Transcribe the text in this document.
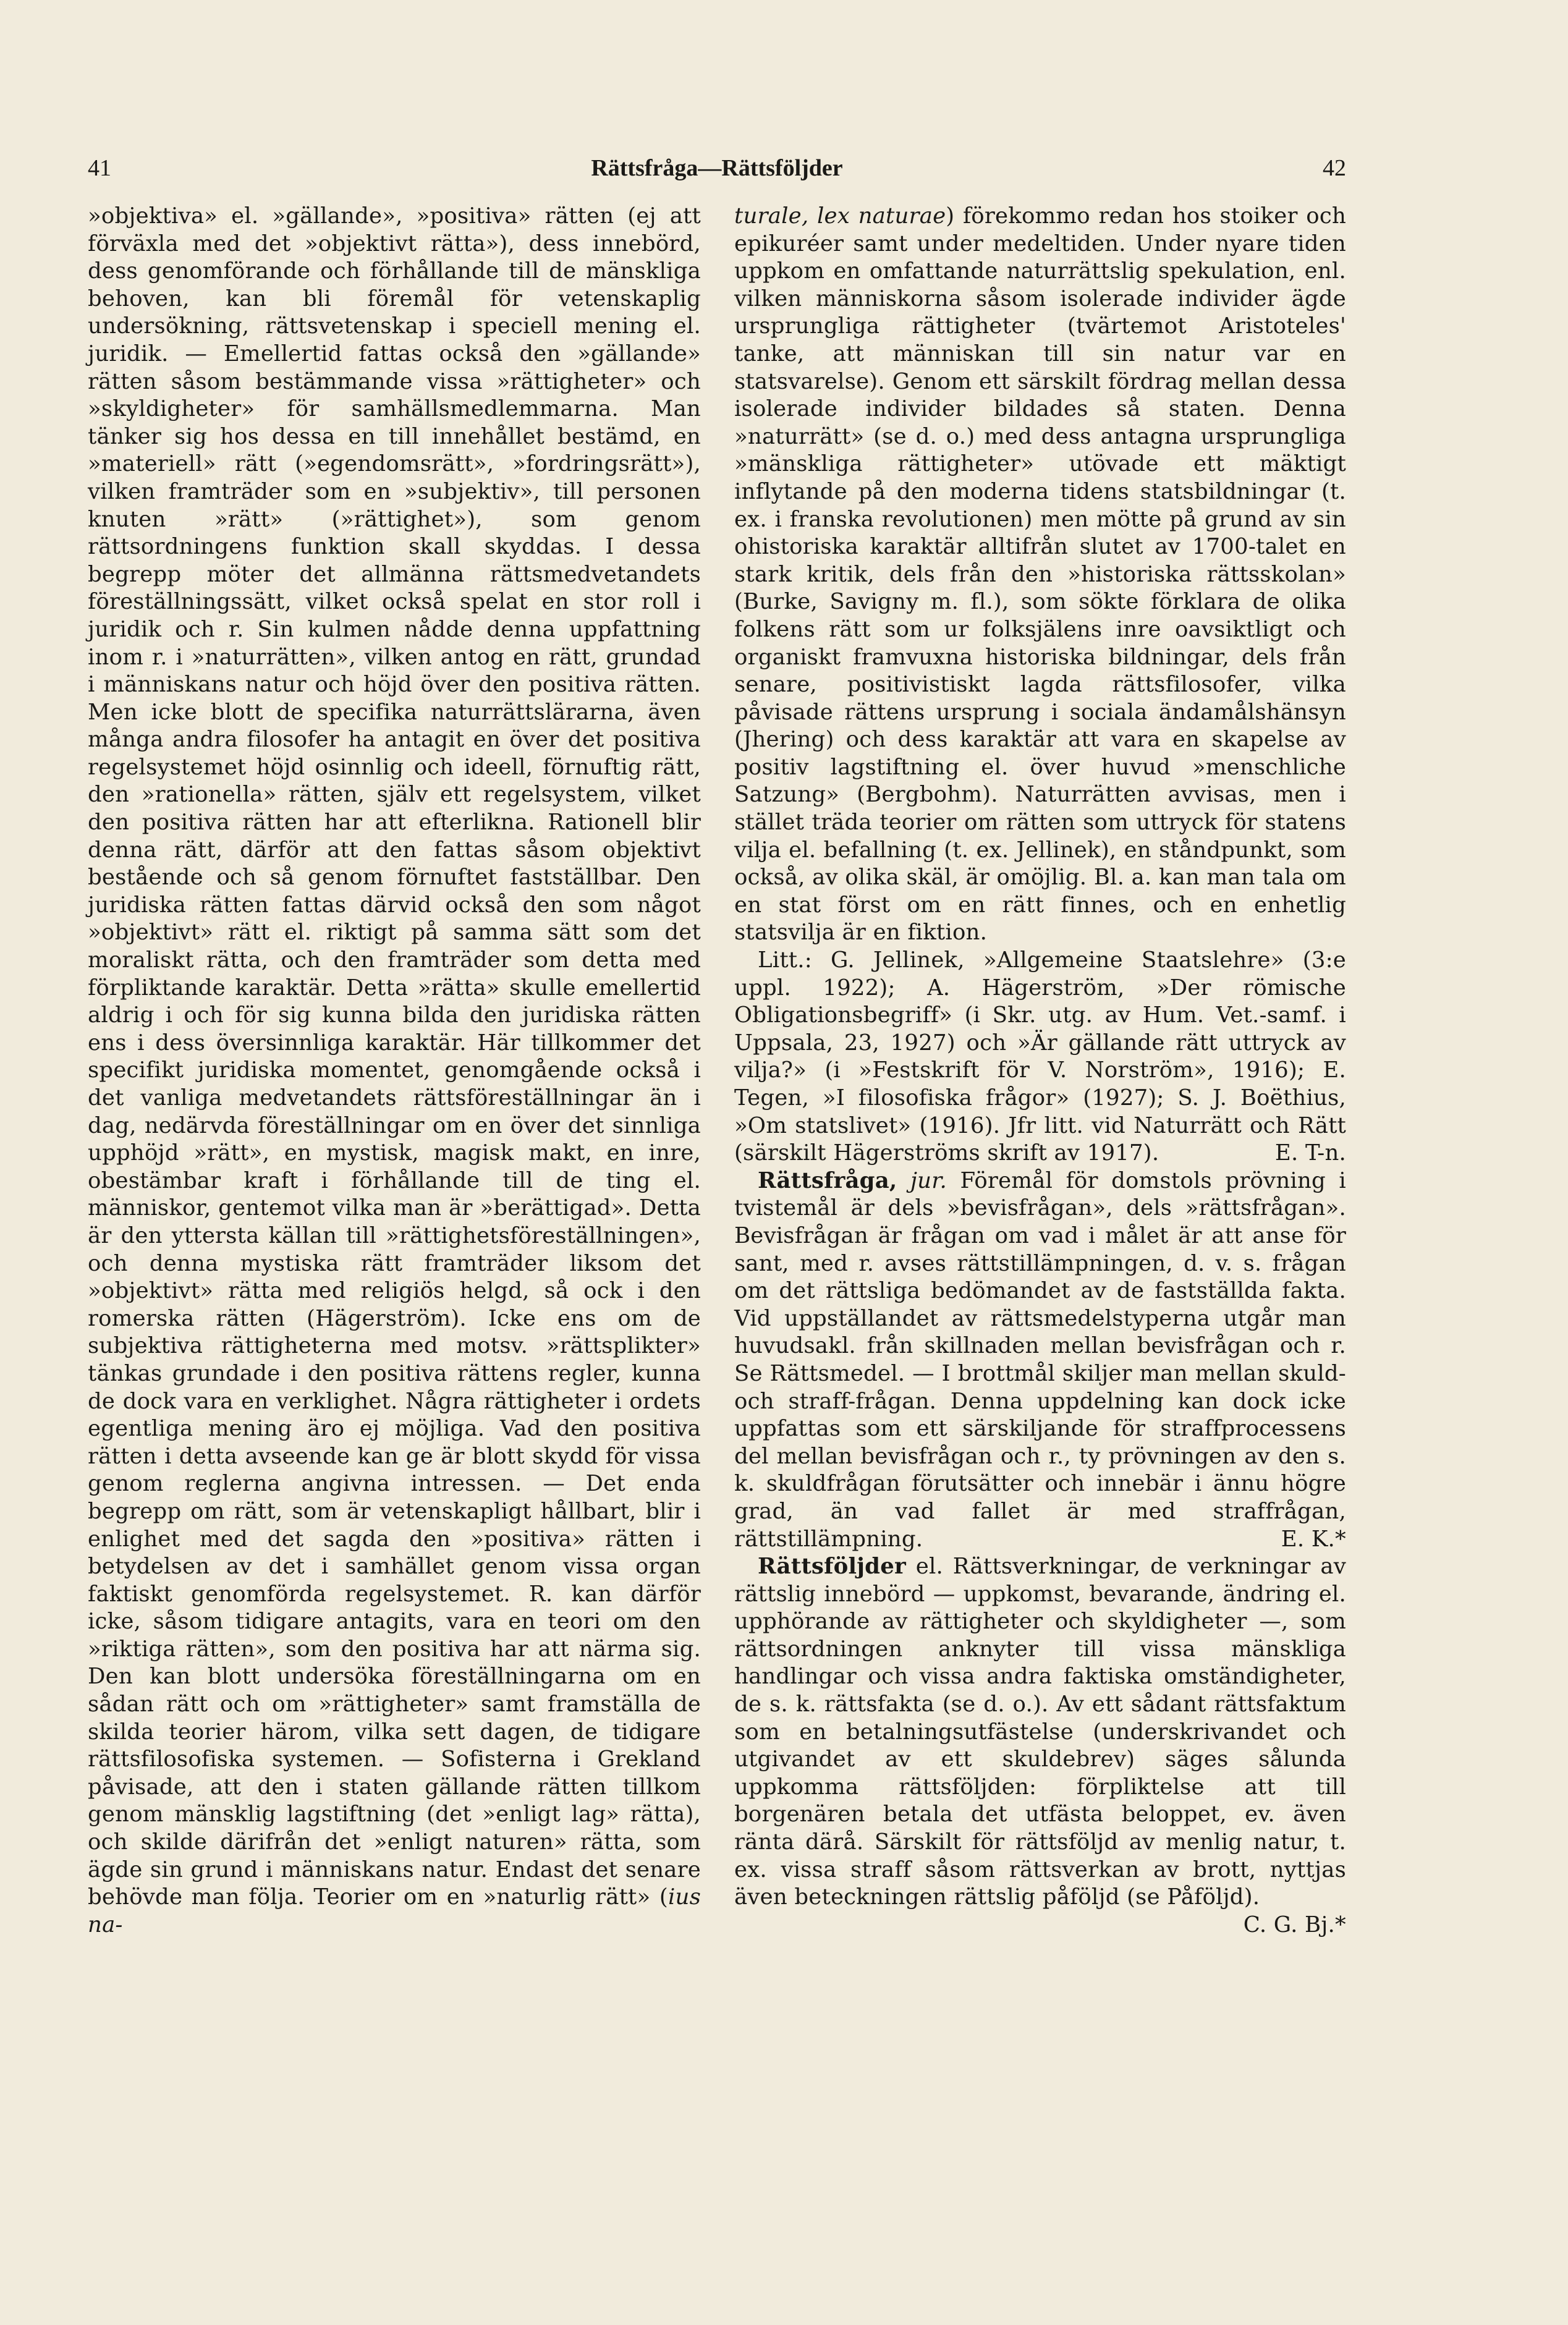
41	Rättsfråga—Rättsföljder	42

»objektiva» el. »gällande», »positiva» rätten (ej att förväxla med det »objektivt rätta»), dess innebörd, dess genomförande och förhållande till de mänskliga behoven, kan bli föremål för vetenskaplig undersökning, rättsvetenskap i speciell mening el. juridik. — Emellertid fattas också den »gällande» rätten såsom bestämmande vissa »rättigheter» och »skyldigheter» för samhällsmedlemmarna. Man tänker sig hos dessa en till innehållet bestämd, en »materiell» rätt (»egendomsrätt», »fordringsrätt»), vilken framträder som en »subjektiv», till personen knuten »rätt» (»rättighet»), som genom rättsordningens funktion skall skyddas. I dessa begrepp möter det allmänna rättsmedvetandets föreställningssätt, vilket också spelat en stor roll i juridik och r. Sin kulmen nådde denna uppfattning inom r. i »naturrätten», vilken antog en rätt, grundad i människans natur och höjd över den positiva rätten. Men icke blott de specifika naturrättslärarna, även många andra filosofer ha antagit en över det positiva regelsystemet höjd osinnlig och ideell, förnuftig rätt, den »rationella» rätten, själv ett regelsystem, vilket den positiva rätten har att efterlikna. Rationell blir denna rätt, därför att den fattas såsom objektivt bestående och så genom förnuftet fastställbar. Den juridiska rätten fattas därvid också den som något »objektivt» rätt el. riktigt på samma sätt som det moraliskt rätta, och den framträder som detta med förpliktande karaktär. Detta »rätta» skulle emellertid aldrig i och för sig kunna bilda den juridiska rätten ens i dess översinnliga karaktär. Här tillkommer det specifikt juridiska momentet, genomgående också i det vanliga medvetandets rättsföreställningar än i dag, nedärvda föreställningar om en över det sinnliga upphöjd »rätt», en mystisk, magisk makt, en inre, obestämbar kraft i förhållande till de ting el. människor, gentemot vilka man är »berättigad». Detta är den yttersta källan till »rättighetsföreställningen», och denna mystiska rätt framträder liksom det »objektivt» rätta med religiös helgd, så ock i den romerska rätten (Hägerström). Icke ens om de subjektiva rättigheterna med motsv. »rättsplikter» tänkas grundade i den positiva rättens regler, kunna de dock vara en verklighet. Några rättigheter i ordets egentliga mening äro ej möjliga. Vad den positiva rätten i detta avseende kan ge är blott skydd för vissa genom reglerna angivna intressen. — Det enda begrepp om rätt, som är vetenskapligt hållbart, blir i enlighet med det sagda den »positiva» rätten i betydelsen av det i samhället genom vissa organ faktiskt genomförda regelsystemet. R. kan därför icke, såsom tidigare antagits, vara en teori om den »riktiga rätten», som den positiva har att närma sig. Den kan blott undersöka föreställningarna om en sådan rätt och om »rättigheter» samt framställa de skilda teorier härom, vilka sett dagen, de tidigare rättsfilosofiska systemen. — Sofisterna i Grekland påvisade, att den i staten gällande rätten tillkom genom mänsklig lagstiftning (det »enligt lag» rätta), och skilde därifrån det »enligt naturen» rätta, som ägde sin grund i människans natur. Endast det senare behövde man följa. Teorier om en »naturlig rätt» (ius na-

turale, lex naturae) förekommo redan hos stoiker och epikuréer samt under medeltiden. Under nyare tiden uppkom en omfattande naturrättslig spekulation, enl. vilken människorna såsom isolerade individer ägde ursprungliga rättigheter (tvärtemot Aristoteles' tanke, att människan till sin natur var en statsvarelse). Genom ett särskilt fördrag mellan dessa isolerade individer bildades så staten. Denna »naturrätt» (se d. o.) med dess antagna ursprungliga »mänskliga rättigheter» utövade ett mäktigt inflytande på den moderna tidens statsbildningar (t. ex. i franska revolutionen) men mötte på grund av sin ohistoriska karaktär alltifrån slutet av 1700-talet en stark kritik, dels från den »historiska rättsskolan» (Burke, Savigny m. fl.), som sökte förklara de olika folkens rätt som ur folksjälens inre oavsiktligt och organiskt framvuxna historiska bildningar, dels från senare, positivistiskt lagda rättsfilosofer, vilka påvisade rättens ursprung i sociala ändamålshänsyn (Jhering) och dess karaktär att vara en skapelse av positiv lagstiftning el. över huvud »menschliche Satzung» (Bergbohm). Naturrätten avvisas, men i stället träda teorier om rätten som uttryck för statens vilja el. befallning (t. ex. Jellinek), en ståndpunkt, som också, av olika skäl, är omöjlig. Bl. a. kan man tala om en stat först om en rätt finnes, och en enhetlig statsvilja är en fiktion.

Litt.: G. Jellinek, »Allgemeine Staatslehre» (3:e uppl. 1922); A. Hägerström, »Der römische Obligationsbegriff» (i Skr. utg. av Hum. Vet.-samf. i Uppsala, 23, 1927) och »Är gällande rätt uttryck av vilja?» (i »Festskrift för V. Norström», 1916); E. Tegen, »I filosofiska frågor» (1927); S. J. Boëthius, »Om statslivet» (1916). Jfr litt. vid Naturrätt och Rätt (särskilt Hägerströms skrift av 1917).	E. T-n.

Rättsfråga, jur. Föremål för domstols prövning i tvistemål är dels »bevisfrågan», dels »rättsfrågan». Bevisfrågan är frågan om vad i målet är att anse för sant, med r. avses rättstillämpningen, d. v. s. frågan om det rättsliga bedömandet av de fastställda fakta. Vid uppställandet av rättsmedelstyperna utgår man huvudsakl. från skillnaden mellan bevisfrågan och r. Se Rättsmedel. — I brottmål skiljer man mellan skuld- och straff-frågan. Denna uppdelning kan dock icke uppfattas som ett särskiljande för straffprocessens del mellan bevisfrågan och r., ty prövningen av den s. k. skuldfrågan förutsätter och innebär i ännu högre grad, än vad fallet är med straffrågan, rättstillämpning.	E. K.*

Rättsföljder el. Rättsverkningar, de verkningar av rättslig innebörd — uppkomst, bevarande, ändring el. upphörande av rättigheter och skyldigheter —, som rättsordningen anknyter till vissa mänskliga handlingar och vissa andra faktiska omständigheter, de s. k. rättsfakta (se d. o.). Av ett sådant rättsfaktum som en betalningsutfästelse (underskrivandet och utgivandet av ett skuldebrev) säges sålunda uppkomma rättsföljden: förpliktelse att till borgenären betala det utfästa beloppet, ev. även ränta därå. Särskilt för rättsföljd av menlig natur, t. ex. vissa straff såsom rättsverkan av brott, nyttjas även beteckningen rättslig påföljd (se Påföljd).
C. G. Bj.*
